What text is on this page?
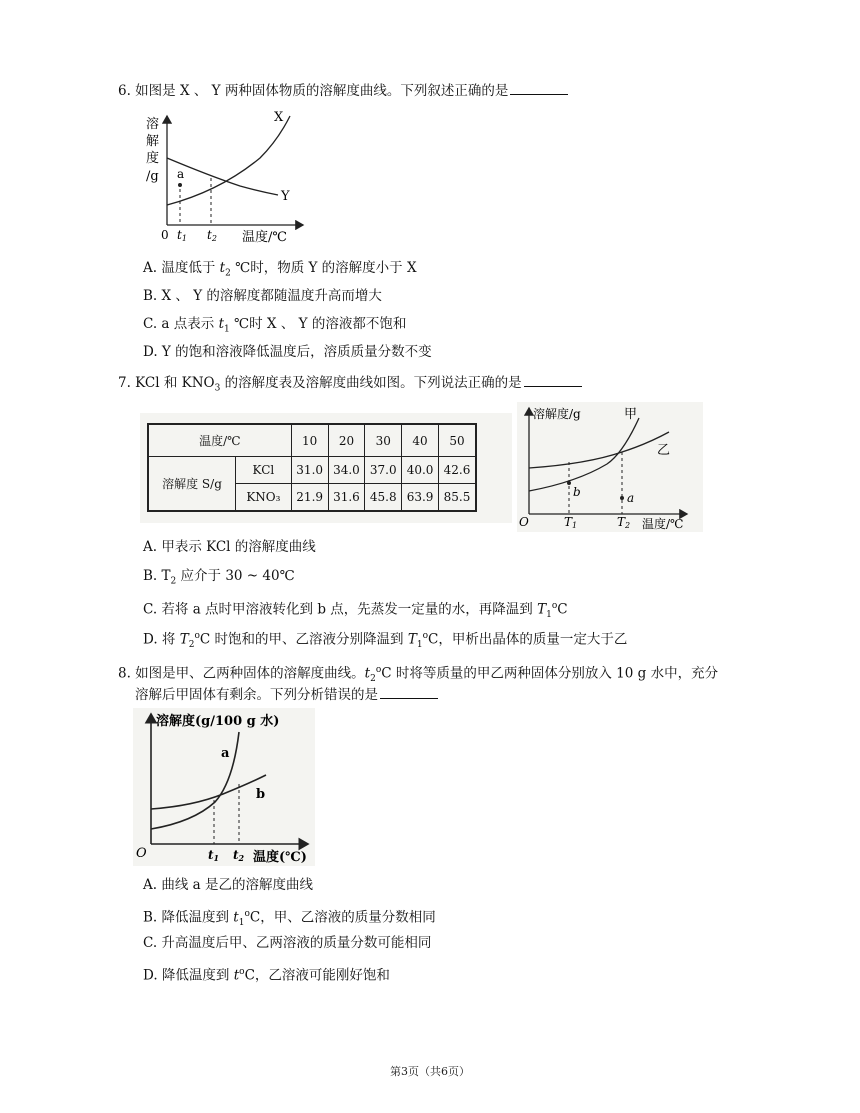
6. 如图是 X 、 Y 两种固体物质的溶解度曲线。下列叙述正确的是
溶
解
度
/g a
X
Y
0 t1 t2 温度/℃
A. 温度低于 $t_2$ ℃时，物质 Y 的溶解度小于 X
B. X 、 Y 的溶解度都随温度升高而增大
C. a 点表示 $t_1$ ℃时 X 、 Y 的溶液都不饱和
D. Y 的饱和溶液降低温度后，溶质质量分数不变
7. KCl 和 $KNO_3$ 的溶解度表及溶解度曲线如图。下列说法正确的是
温度/℃		10	20	30	40	50
溶解度 S/g	KCl	31.0	34.0	37.0	40.0	42.6
	KNO₃	21.9	31.6	45.8	63.9	85.5
溶解度/g
b	a
甲
乙
O	T1	T2 温度/℃
A. 甲表示 KCl 的溶解度曲线
B. $T_2$ 应介于 30 ~ 40℃
C. 若将 a 点时甲溶液转化到 b 点，先蒸发一定量的水，再降温到 $T_1^oC$
D. 将 $T_2^oC$ 时饱和的甲、乙溶液分别降温到 $T_1^oC$，甲析出晶体的质量一定大于乙
8. 如图是甲、乙两种固体的溶解度曲线。$t_2^oC$ 时将等质量的甲乙两种固体分别放入 10 g 水中，充分
溶解后甲固体有剩余。下列分析错误的是
溶解度(g/100 g 水)
a
b
O	t1 t2 温度(℃)
A. 曲线 a 是乙的溶解度曲线
B. 降低温度到 $t_1^oC$，甲、乙溶液的质量分数相同
C. 升高温度后甲、乙两溶液的质量分数可能相同
D. 降低温度到 $t^oC$，乙溶液可能刚好饱和
第3页（共6页）
